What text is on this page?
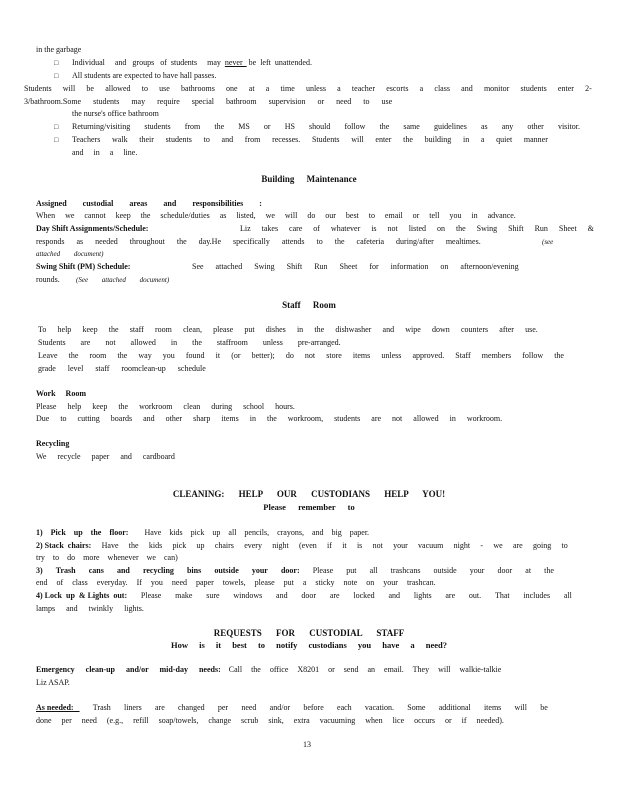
in the garbage
□ Individual     and   groups   of  students     may  never   be  left  unattended.
□ All students are expected to have hall passes.
Students will be allowed to use bathrooms one at a time unless a teacher escorts a class and monitor students enter 2-
3/bathroom.Some students may require special bathroom supervision or need to use
the nurse's office bathroom
□ Returning/visiting students from the MS or HS should follow the same guidelines as any other visitor.
□ Teachers walk their students to and from recesses. Students will enter the building in a quiet manner
and in a line.
Building Maintenance
Assigned custodial areas and responsibilities :
When we cannot keep the schedule/duties as listed, we will do our best to email or tell you in advance.
Day Shift Assignments/Schedule:	Liz takes care of whatever is not listed on the Swing Shift Run Sheet &
responds as needed throughout the day.He specifically attends to the cafeteria during/after mealtimes.	(see
attached document)
Swing Shift (PM) Schedule:	See attached Swing Shift Run Sheet for information on afternoon/evening
rounds. (See attached document)
Staff Room
To help keep the staff room clean, please put dishes in the dishwasher and wipe down counters after use.
Students are not allowed in the staffroom unless pre-arranged.
Leave the room the way you found it (or better); do not store items unless approved. Staff members follow the
grade level staff roomclean-up schedule
Work Room
Please help keep the workroom clean during school hours.
Due to cutting boards and other sharp items in the workroom, students are not allowed in workroom.
Recycling
We recycle paper and cardboard
CLEANING: HELP OUR CUSTODIANS HELP YOU!
Please remember to
1) Pick up the floor: Have kids pick up all pencils, crayons, and big paper.
2) Stack  chairs: Have the kids pick up chairs every night (even if it is not your vacuum night - we are going to
try to do more whenever we can)
3) Trash cans and recycling bins outside your door: Please put all trashcans outside your door at the
end of class everyday. If you need paper towels, please put a sticky note on your trashcan.
4) Lock  up  & Lights  out: Please make sure windows and door are locked and lights are out. That includes all
lamps and twinkly lights.
REQUESTS FOR CUSTODIAL STAFF
How is it best to notify custodians you have a need?
Emergency clean-up and/or mid-day needs: Call the office X8201 or send an email. They will walkie-talkie
Liz ASAP.
As needed: Trash liners are changed per need and/or before each vacation. Some additional items will be
done per need (e.g., refill soap/towels, change scrub sink, extra vacuuming when lice occurs or if needed).
13
